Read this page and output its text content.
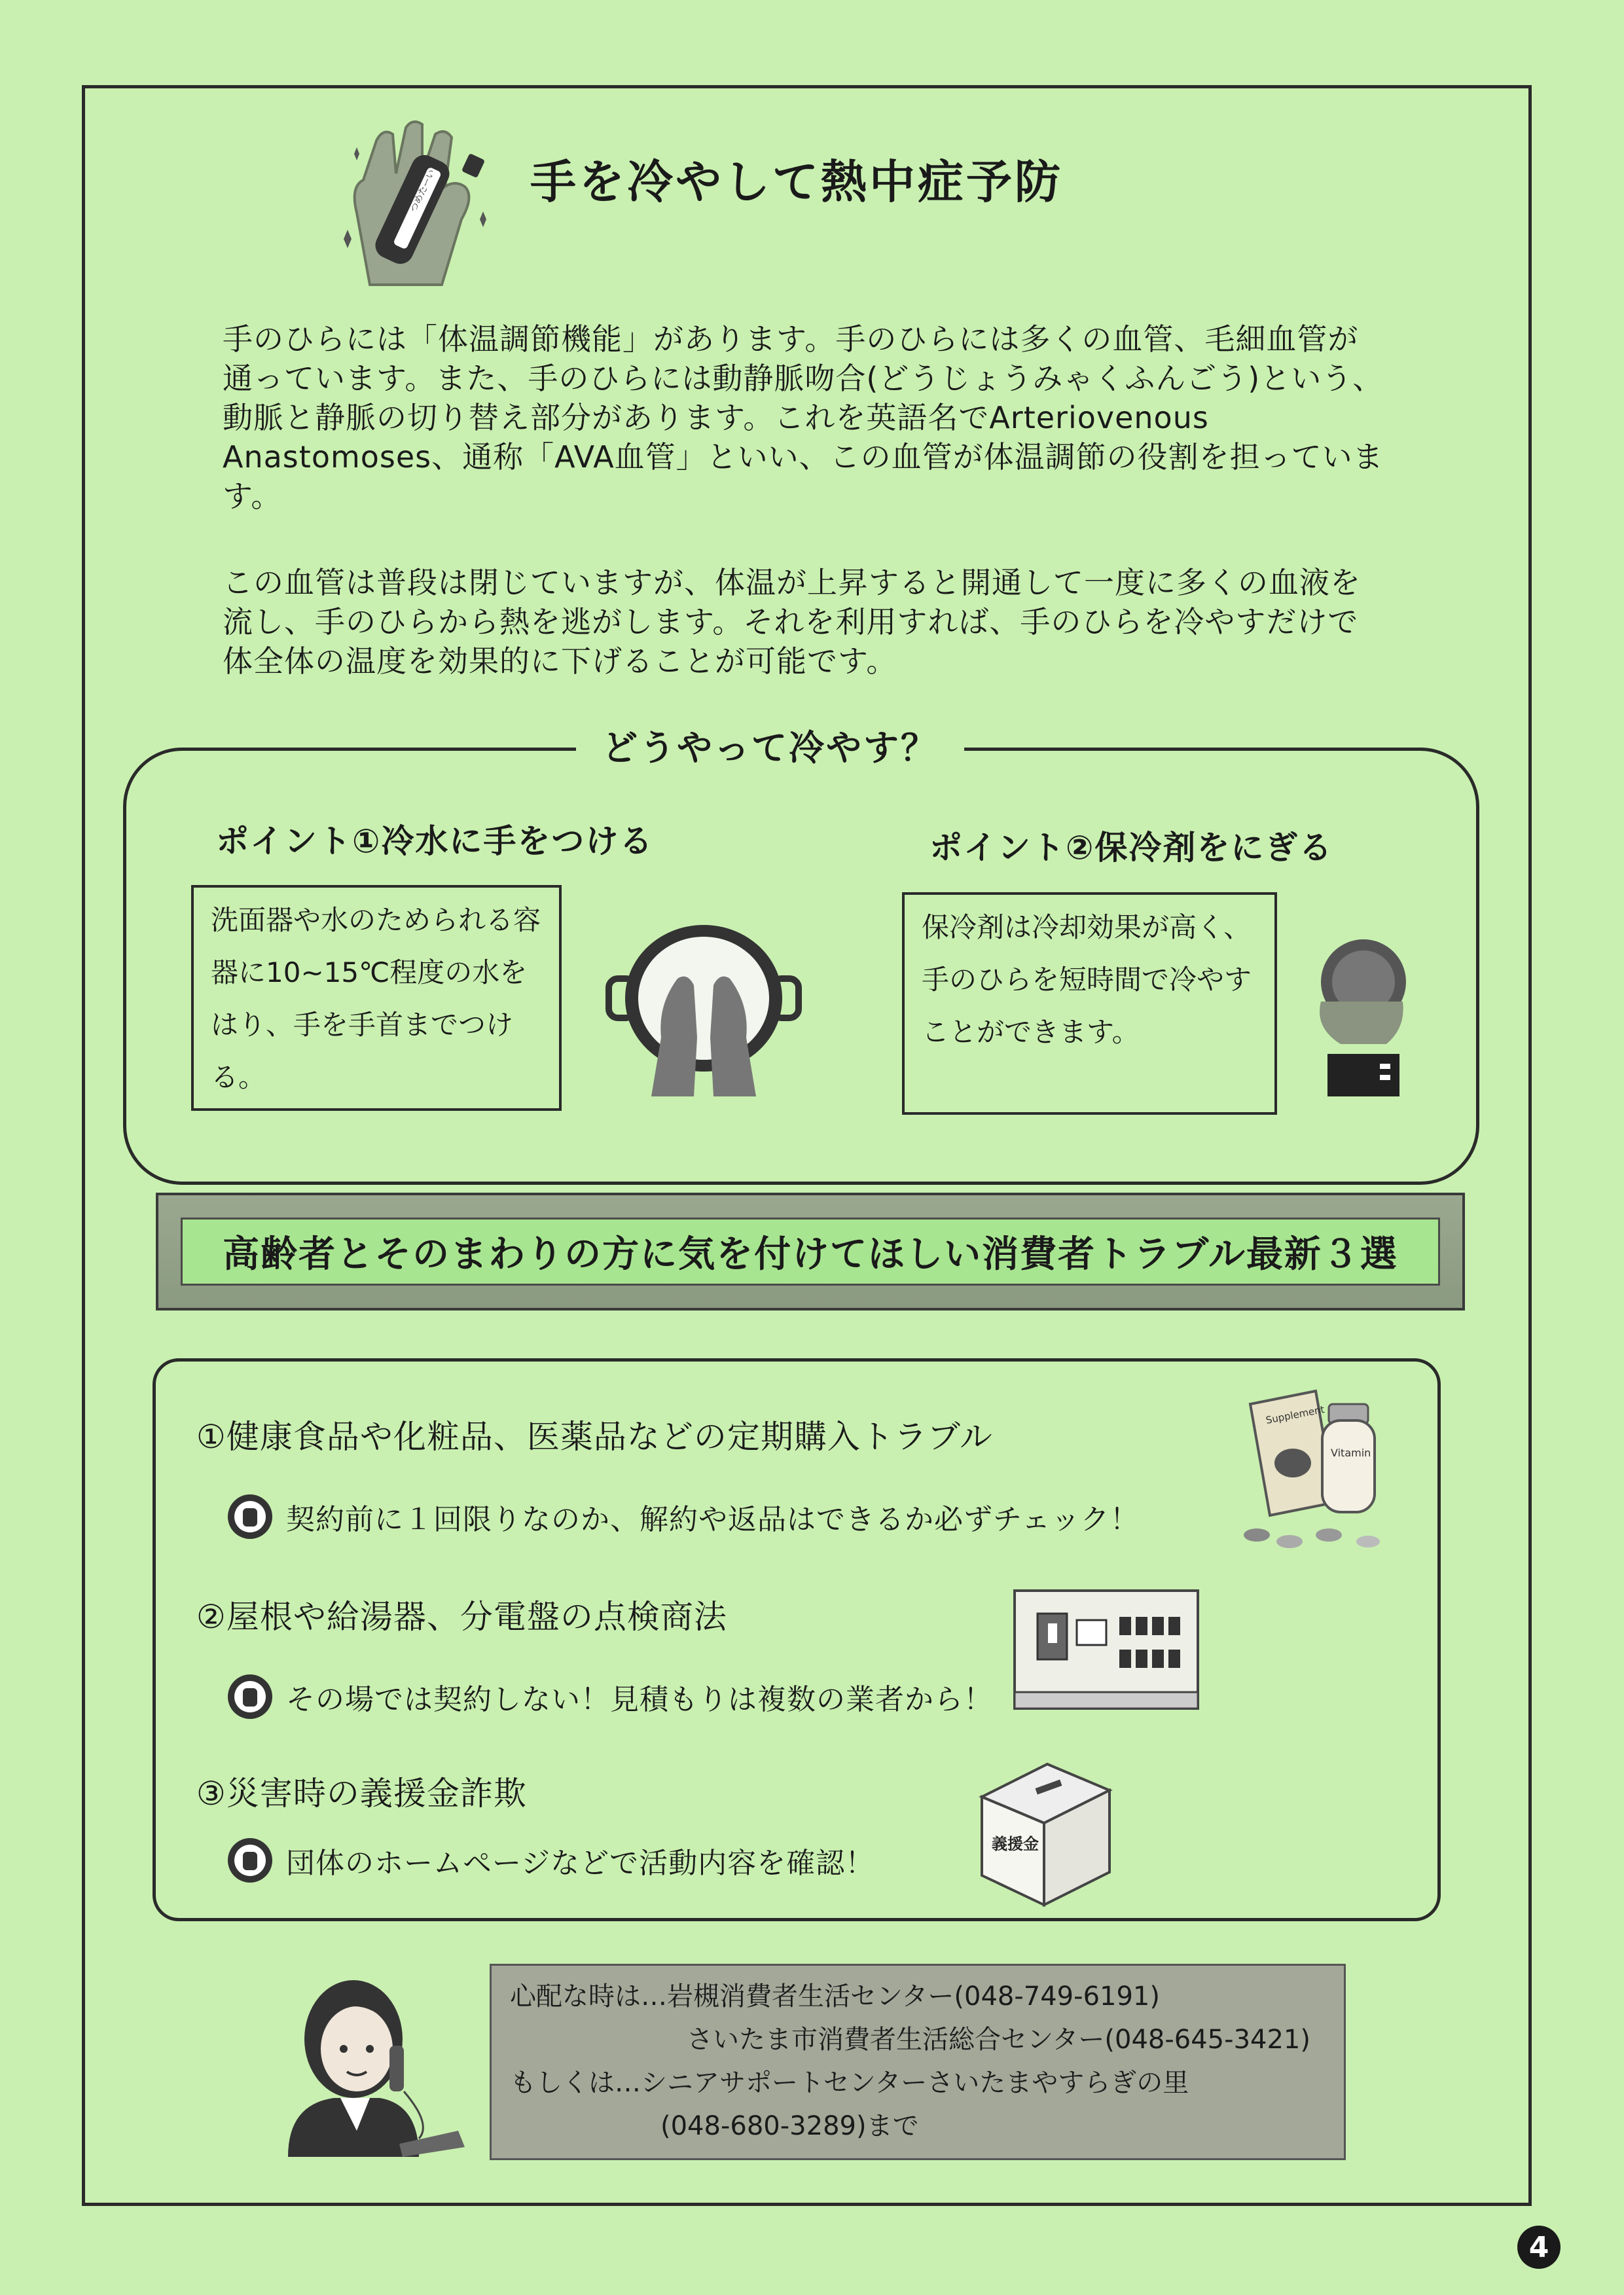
つめたーい 手を冷やして熱中症予防
手のひらには「体温調節機能」があります。手のひらには多くの血管、毛細血管が通っています。また、手のひらには動静脈吻合(どうじょうみゃくふんごう)という、動脈と静脈の切り替え部分があります。これを英語名でArteriovenous Anastomoses、通称「AVA血管」といい、この血管が体温調節の役割を担っています。
この血管は普段は閉じていますが、体温が上昇すると開通して一度に多くの血液を流し、手のひらから熱を逃がします。それを利用すれば、手のひらを冷やすだけで体全体の温度を効果的に下げることが可能です。
どうやって冷やす？
ポイント①冷水に手をつける
洗面器や水のためられる容器に10~15℃程度の水をはり、手を手首までつける。
ポイント②保冷剤をにぎる
保冷剤は冷却効果が高く、手のひらを短時間で冷やすことができます。
高齢者とそのまわりの方に気を付けてほしい消費者トラブル最新３選
①健康食品や化粧品、医薬品などの定期購入トラブル
契約前に１回限りなのか、解約や返品はできるか必ずチェック！
②屋根や給湯器、分電盤の点検商法
その場では契約しない！見積もりは複数の業者から！
③災害時の義援金詐欺
団体のホームページなどで活動内容を確認！
Supplement
Vitamin
義援金
心配な時は…岩槻消費者生活センター(048-749-6191)
さいたま市消費者生活総合センター(048-645-3421)
もしくは…シニアサポートセンターさいたまやすらぎの里
(048-680-3289)まで
4
